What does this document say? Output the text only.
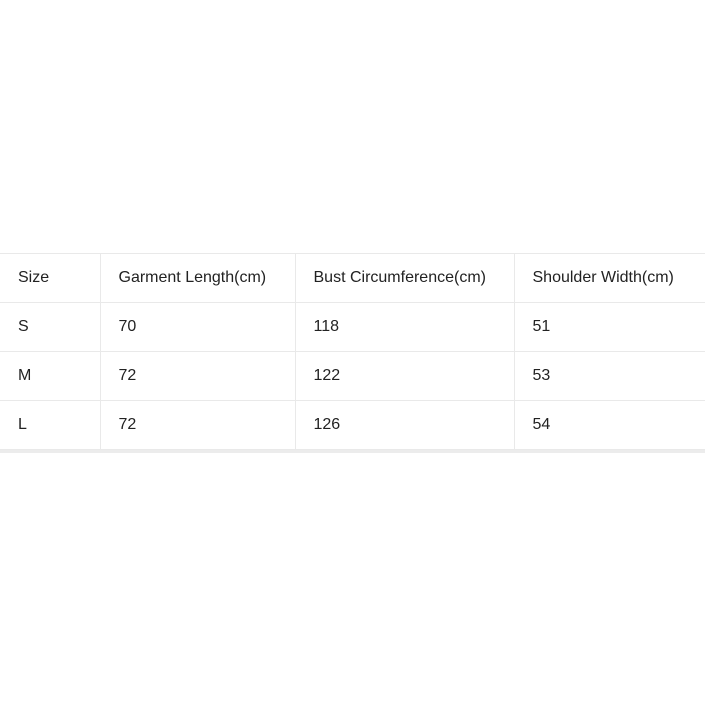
Size	Garment Length(cm)	Bust Circumference(cm)	Shoulder Width(cm)
S	70	118	51
M	72	122	53
L	72	126	54
